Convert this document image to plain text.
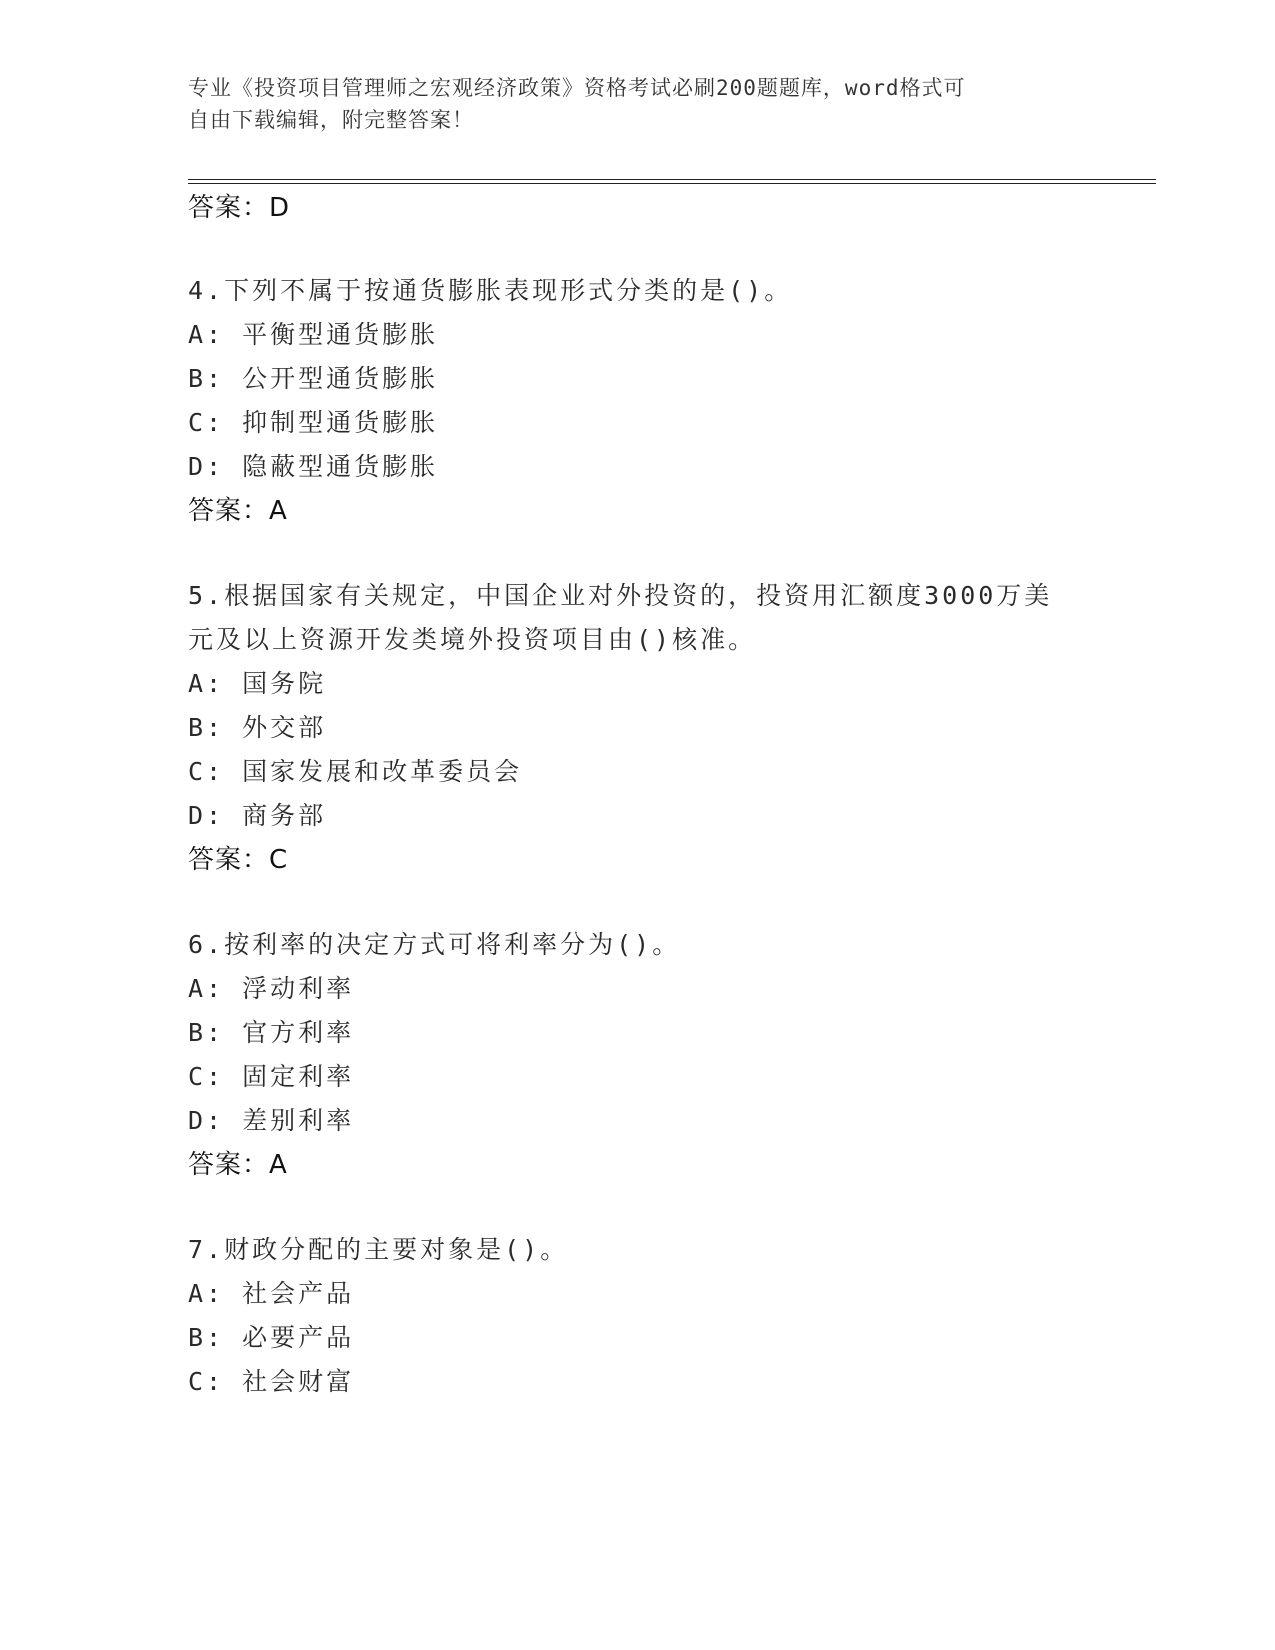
专业《投资项目管理师之宏观经济政策》资格考试必刷200题题库，word格式可
自由下载编辑，附完整答案！
答案：D
4.下列不属于按通货膨胀表现形式分类的是()。
A: 平衡型通货膨胀
B: 公开型通货膨胀
C: 抑制型通货膨胀
D: 隐蔽型通货膨胀
答案：A
5.根据国家有关规定，中国企业对外投资的，投资用汇额度3000万美
元及以上资源开发类境外投资项目由()核准。
A: 国务院
B: 外交部
C: 国家发展和改革委员会
D: 商务部
答案：C
6.按利率的决定方式可将利率分为()。
A: 浮动利率
B: 官方利率
C: 固定利率
D: 差别利率
答案：A
7.财政分配的主要对象是()。
A: 社会产品
B: 必要产品
C: 社会财富
